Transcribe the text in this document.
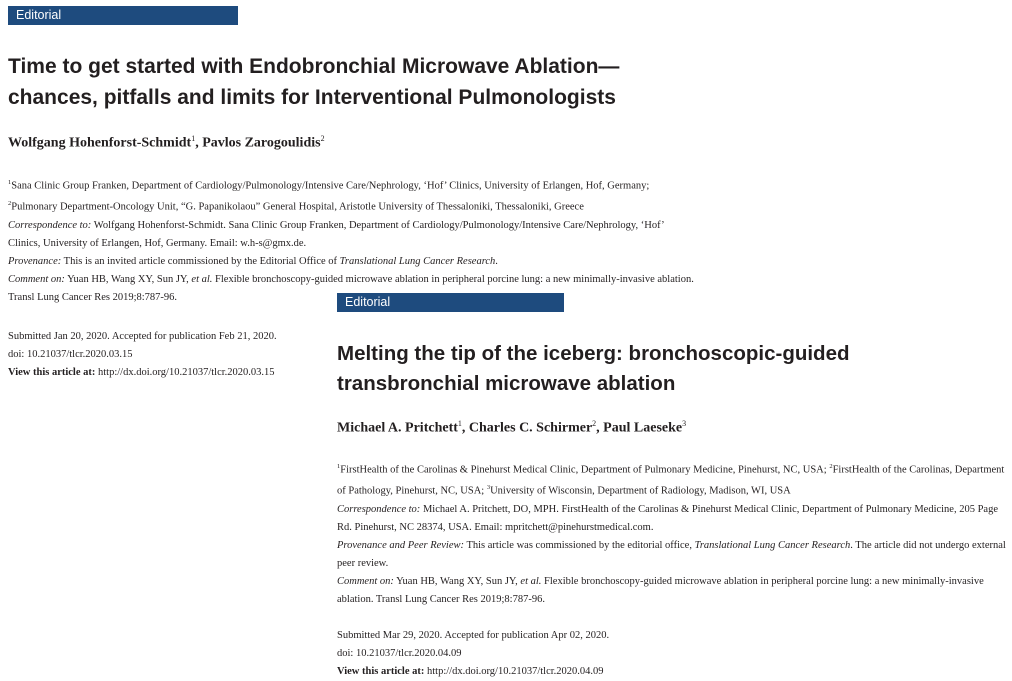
Editorial
Time to get started with Endobronchial Microwave Ablation—
chances, pitfalls and limits for Interventional Pulmonologists
Wolfgang Hohenforst-Schmidt$^1$, Pavlos Zarogoulidis$^2$

$^1$Sana Clinic Group Franken, Department of Cardiology/Pulmonology/Intensive Care/Nephrology, ‘Hof’ Clinics, University of Erlangen, Hof, Germany; $^2$Pulmonary Department-Oncology Unit, “G. Papanikolaou” General Hospital, Aristotle University of Thessaloniki, Thessaloniki, Greece

Correspondence to: Wolfgang Hohenforst-Schmidt. Sana Clinic Group Franken, Department of Cardiology/Pulmonology/Intensive Care/Nephrology, ‘Hof’ Clinics, University of Erlangen, Hof, Germany. Email: w.h-s@gmx.de.

Provenance: This is an invited article commissioned by the Editorial Office of Translational Lung Cancer Research.

Comment on: Yuan HB, Wang XY, Sun JY, et al. Flexible bronchoscopy-guided microwave ablation in peripheral porcine lung: a new minimally-invasive ablation. Transl Lung Cancer Res 2019;8:787-96.

Submitted Jan 20, 2020. Accepted for publication Feb 21, 2020.

doi: 10.21037/tlcr.2020.03.15

View this article at: http://dx.doi.org/10.21037/tlcr.2020.03.15

Editorial
Melting the tip of the iceberg: bronchoscopic-guided
transbronchial microwave ablation
Michael A. Pritchett$^1$, Charles C. Schirmer$^2$, Paul Laeseke$^3$

$^1$FirstHealth of the Carolinas & Pinehurst Medical Clinic, Department of Pulmonary Medicine, Pinehurst, NC, USA; $^2$FirstHealth of the Carolinas, Department of Pathology, Pinehurst, NC, USA; $^3$University of Wisconsin, Department of Radiology, Madison, WI, USA

Correspondence to: Michael A. Pritchett, DO, MPH. FirstHealth of the Carolinas & Pinehurst Medical Clinic, Department of Pulmonary Medicine, 205 Page Rd. Pinehurst, NC 28374, USA. Email: mpritchett@pinehurstmedical.com.

Provenance and Peer Review: This article was commissioned by the editorial office, Translational Lung Cancer Research. The article did not undergo external peer review.

Comment on: Yuan HB, Wang XY, Sun JY, et al. Flexible bronchoscopy-guided microwave ablation in peripheral porcine lung: a new minimally-invasive ablation. Transl Lung Cancer Res 2019;8:787-96.

Submitted Mar 29, 2020. Accepted for publication Apr 02, 2020.

doi: 10.21037/tlcr.2020.04.09

View this article at: http://dx.doi.org/10.21037/tlcr.2020.04.09
